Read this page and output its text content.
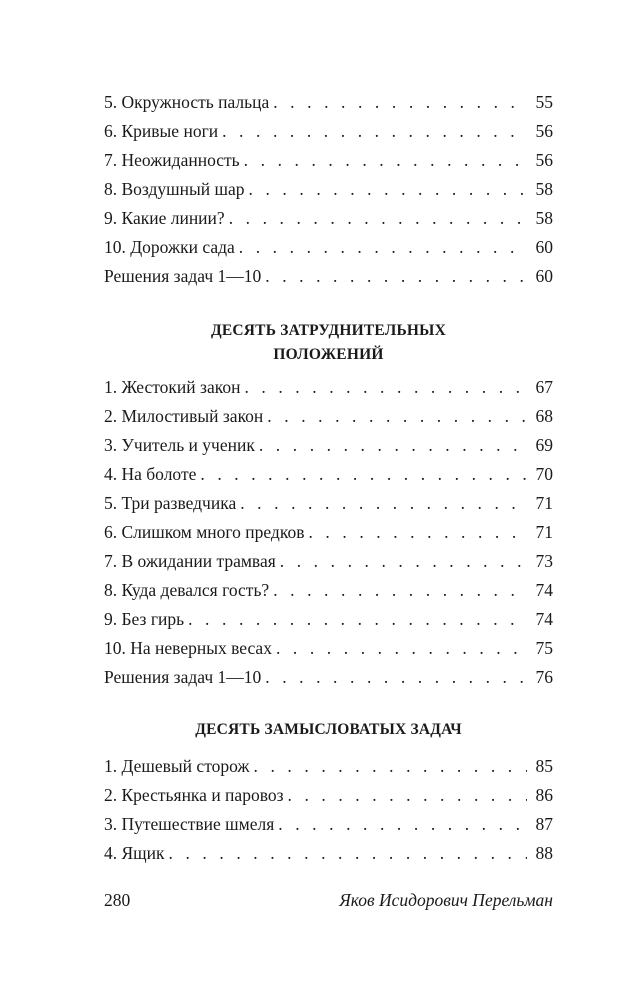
5. Окружность пальца . . .	55
6. Кривые ноги . . .	56
7. Неожиданность . . .	56
8. Воздушный шар . . .	58
9. Какие линии? . . .	58
10. Дорожки сада . . .	60
Решения задач 1—10 . . .	60
ДЕСЯТЬ ЗАТРУДНИТЕЛЬНЫХ
ПОЛОЖЕНИЙ
1. Жестокий закон . . .	67
2. Милостивый закон . . .	68
3. Учитель и ученик . . .	69
4. На болоте . . .	70
5. Три разведчика . . .	71
6. Слишком много предков . . .	71
7. В ожидании трамвая . . .	73
8. Куда девался гость? . . .	74
9. Без гирь . . .	74
10. На неверных весах . . .	75
Решения задач 1—10 . . .	76
ДЕСЯТЬ ЗАМЫСЛОВАТЫХ ЗАДАЧ
1. Дешевый сторож . . .	85
2. Крестьянка и паровоз . . .	86
3. Путешествие шмеля . . .	87
4. Ящик . . .	88
280	Яков Исидорович Перельман
